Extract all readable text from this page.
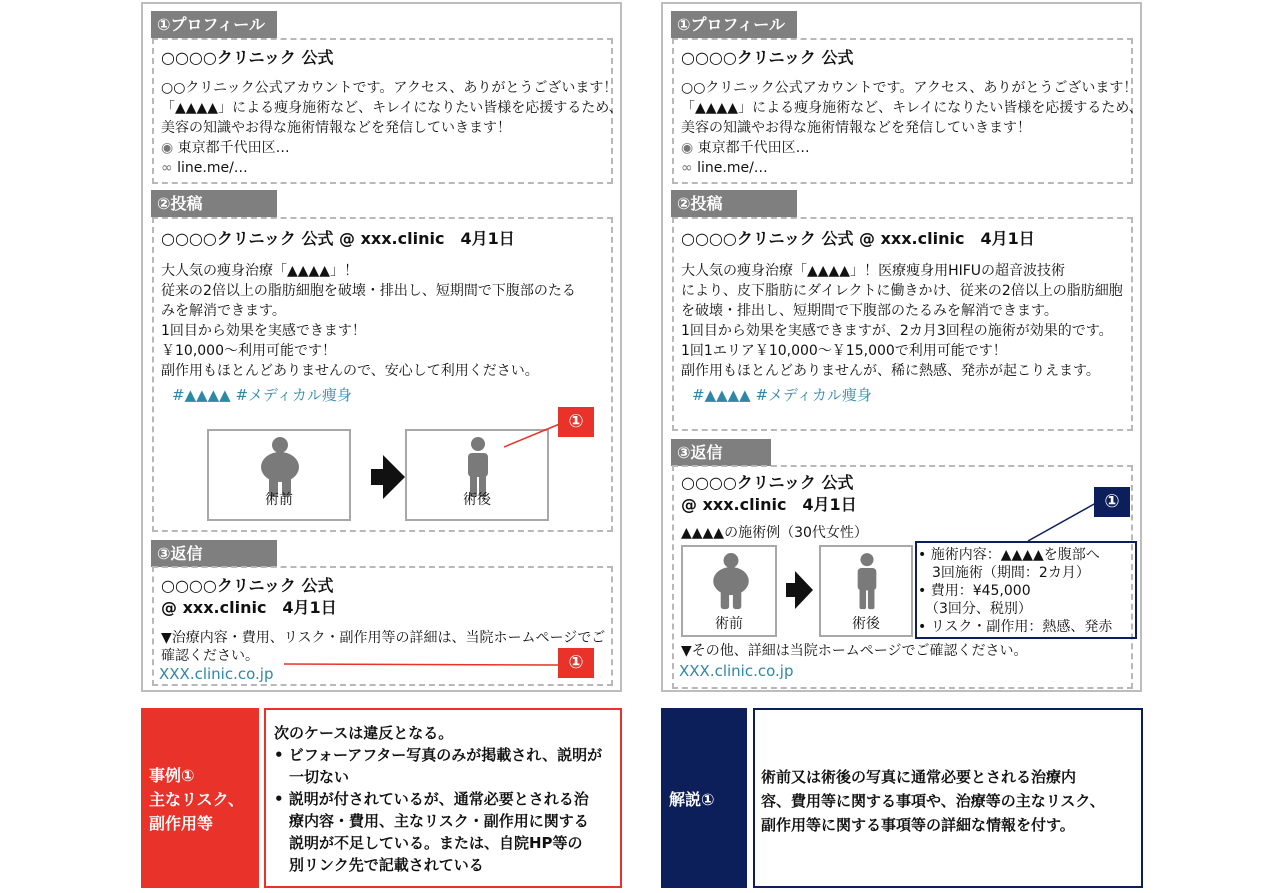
①プロフィール
○○○○クリニック 公式
○○クリニック公式アカウントです。アクセス、ありがとうございます！
「▲▲▲▲」による痩身施術など、キレイになりたい皆様を応援するため、
美容の知識やお得な施術情報などを発信していきます！
◉ 東京都千代田区…
∞ line.me/…
②投稿
○○○○クリニック 公式 @ xxx.clinic　4月1日
大人気の痩身治療「▲▲▲▲」！
従来の2倍以上の脂肪細胞を破壊・排出し、短期間で下腹部のたる
みを解消できます。
1回目から効果を実感できます！
￥10,000～利用可能です！
副作用もほとんどありませんので、安心して利用ください。
#▲▲▲▲ #メディカル痩身
術前	術後
①
③返信
○○○○クリニック 公式
@ xxx.clinic　4月1日
▼治療内容・費用、リスク・副作用等の詳細は、当院ホームページでご
確認ください。
XXX.clinic.co.jp
①
①プロフィール
○○○○クリニック 公式
○○クリニック公式アカウントです。アクセス、ありがとうございます！
「▲▲▲▲」による痩身施術など、キレイになりたい皆様を応援するため、
美容の知識やお得な施術情報などを発信していきます！
◉ 東京都千代田区…
∞ line.me/…
②投稿
○○○○クリニック 公式 @ xxx.clinic　4月1日
大人気の痩身治療「▲▲▲▲」！医療痩身用HIFUの超音波技術
により、皮下脂肪にダイレクトに働きかけ、従来の2倍以上の脂肪細胞
を破壊・排出し、短期間で下腹部のたるみを解消できます。
1回目から効果を実感できますが、2カ月3回程の施術が効果的です。
1回1エリア￥10,000～￥15,000で利用可能です！
副作用もほとんどありませんが、稀に熱感、発赤が起こりえます。
#▲▲▲▲ #メディカル痩身
③返信
○○○○クリニック 公式
@ xxx.clinic　4月1日
▲▲▲▲の施術例（30代女性）
術前	術後
• 施術内容：▲▲▲▲を腹部へ
　3回施術（期間：2カ月）
• 費用：¥45,000
　（3回分、税別）
• リスク・副作用：熱感、発赤
①
▼その他、詳細は当院ホームページでご確認ください。
XXX.clinic.co.jp
事例①
主なリスク、
副作用等
次のケースは違反となる。
• ビフォーアフター写真のみが掲載され、説明が
　一切ない
• 説明が付されているが、通常必要とされる治
　療内容・費用、主なリスク・副作用に関する
　説明が不足している。または、自院HP等の
　別リンク先で記載されている
解説①
術前又は術後の写真に通常必要とされる治療内
容、費用等に関する事項や、治療等の主なリスク、
副作用等に関する事項等の詳細な情報を付す。
